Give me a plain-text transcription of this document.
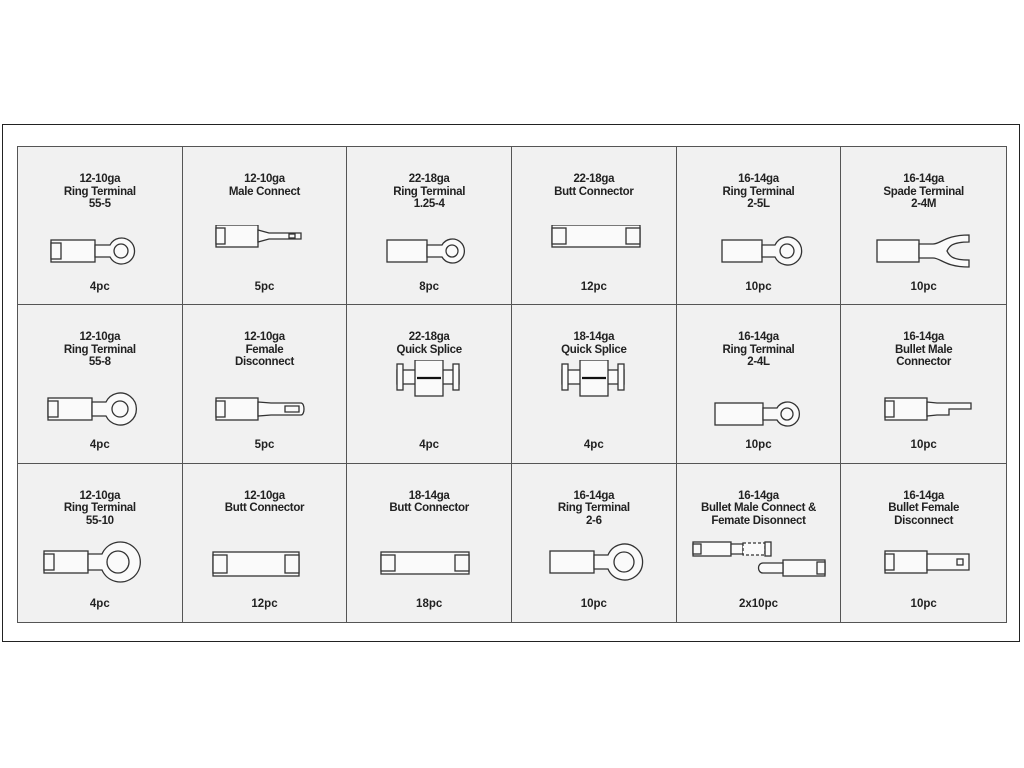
12-10ga
Ring Terminal
55-5
4pc
12-10ga
Male Connect
5pc
22-18ga
Ring Terminal
1.25-4
8pc
22-18ga
Butt Connector
12pc
16-14ga
Ring Terminal
2-5L
10pc
16-14ga
Spade Terminal
2-4M
10pc
12-10ga
Ring Terminal
55-8
4pc
12-10ga
Female
Disconnect
5pc
22-18ga
Quick Splice
4pc
18-14ga
Quick Splice
4pc
16-14ga
Ring Terminal
2-4L
10pc
16-14ga
Bullet Male
Connector
10pc
12-10ga
Ring Terminal
55-10
4pc
12-10ga
Butt Connector
12pc
18-14ga
Butt Connector
18pc
16-14ga
Ring Terminal
2-6
10pc
16-14ga
Bullet Male Connect &
Femate Disonnect
2x10pc
16-14ga
Bullet Female
Disconnect
10pc
